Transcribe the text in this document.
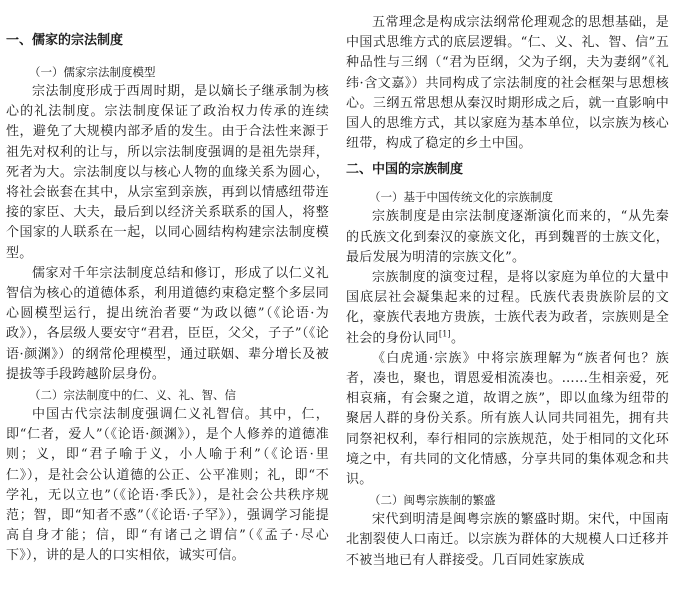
一、儒家的宗法制度
（一）儒家宗法制度模型

宗法制度形成于西周时期，是以嫡长子继承制为核心的礼法制度。宗法制度保证了政治权力传承的连续性，避免了大规模内部矛盾的发生。由于合法性来源于祖先对权利的让与，所以宗法制度强调的是祖先崇拜，死者为大。宗法制度以与核心人物的血缘关系为圆心，将社会嵌套在其中，从宗室到亲族，再到以情感纽带连接的家臣、大夫，最后到以经济关系联系的国人，将整个国家的人联系在一起，以同心圆结构构建宗法制度模型。

儒家对千年宗法制度总结和修订，形成了以仁义礼智信为核心的道德体系，利用道德约束稳定整个多层同心圆模型运行，提出统治者要“为政以德”（《论语·为政》），各层级人要安守“君君，臣臣，父父，子子”（《论语·颜渊》）的纲常伦理模型，通过联姻、辈分增长及被提拔等手段跨越阶层身份。

（二）宗法制度中的仁、义、礼、智、信

中国古代宗法制度强调仁义礼智信。其中，仁，即“仁者，爱人”（《论语·颜渊》），是个人修养的道德准则；义，即“君子喻于义，小人喻于利”（《论语·里仁》），是社会公认道德的公正、公平准则；礼，即“不学礼，无以立也”（《论语·季氏》），是社会公共秩序规范；智，即“知者不惑”（《论语·子罕》），强调学习能提高自身才能；信，即“有诸己之谓信”（《孟子·尽心下》），讲的是人的口实相依，诚实可信。

五常理念是构成宗法纲常伦理观念的思想基础，是中国式思维方式的底层逻辑。“仁、义、礼、智、信”五种品性与三纲（“君为臣纲，父为子纲，夫为妻纲”《礼纬·含文嘉》）共同构成了宗法制度的社会框架与思想核心。三纲五常思想从秦汉时期形成之后，就一直影响中国人的思维方式，其以家庭为基本单位，以宗族为核心纽带，构成了稳定的乡土中国。

二、中国的宗族制度
（一）基于中国传统文化的宗族制度

宗族制度是由宗法制度逐渐演化而来的，“从先秦的氏族文化到秦汉的豪族文化，再到魏晋的士族文化，最后发展为明清的宗族文化”。

宗族制度的演变过程，是将以家庭为单位的大量中国底层社会凝集起来的过程。氏族代表贵族阶层的文化，豪族代表地方贵族，士族代表为政者，宗族则是全社会的身份认同[1]。

《白虎通·宗族》中将宗族理解为“族者何也？族者，凑也，聚也，谓恩爱相流凑也。……生相亲爱，死相哀痛，有会聚之道，故谓之族”，即以血缘为纽带的聚居人群的身份关系。所有族人认同共同祖先，拥有共同祭祀权利，奉行相同的宗族规范，处于相同的文化环境之中，有共同的文化情感，分享共同的集体观念和共识。

（二）闽粤宗族制的繁盛

宋代到明清是闽粤宗族的繁盛时期。宋代，中国南北割裂使人口南迁。以宗族为群体的大规模人口迁移并不被当地已有人群接受。几百同姓家族成
